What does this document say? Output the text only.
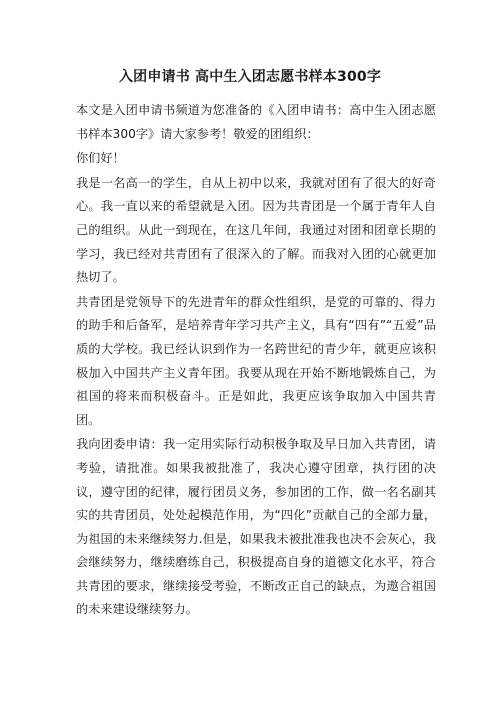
入团申请书 高中生入团志愿书样本300字

本文是入团申请书频道为您准备的《入团申请书：高中生入团志愿书样本300字》请大家参考！敬爱的团组织：

你们好！

我是一名高一的学生，自从上初中以来，我就对团有了很大的好奇心。我一直以来的希望就是入团。因为共青团是一个属于青年人自己的组织。从此一到现在，在这几年间，我通过对团和团章长期的学习，我已经对共青团有了很深入的了解。而我对入团的心就更加热切了。

共青团是党领导下的先进青年的群众性组织，是党的可靠的、得力的助手和后备军，是培养青年学习共产主义，具有“四有”“五爱”品质的大学校。我已经认识到作为一名跨世纪的青少年，就更应该积极加入中国共产主义青年团。我要从现在开始不断地锻炼自己，为祖国的将来而积极奋斗。正是如此，我更应该争取加入中国共青团。

我向团委申请：我一定用实际行动积极争取及早日加入共青团，请考验，请批准。如果我被批准了，我决心遵守团章，执行团的决议，遵守团的纪律，履行团员义务，参加团的工作，做一名名副其实的共青团员，处处起模范作用，为“四化”贡献自己的全部力量，为祖国的未来继续努力.但是，如果我未被批准我也决不会灰心，我会继续努力，继续磨练自己，积极提高自身的道德文化水平，符合共青团的要求，继续接受考验，不断改正自己的缺点，为遨合祖国的未来建设继续努力。
